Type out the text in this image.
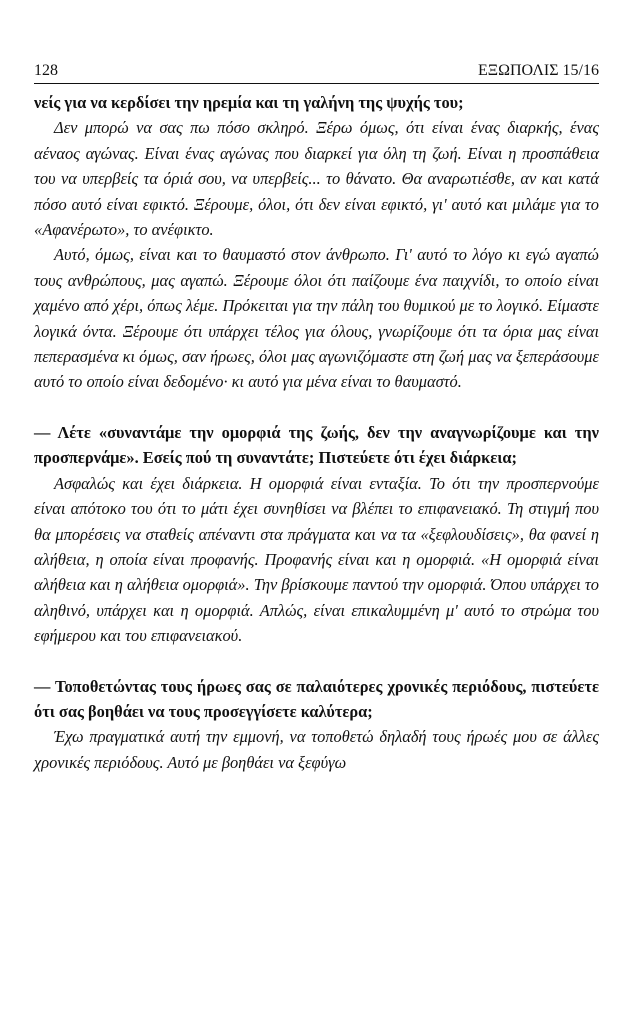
128	ΕΞΩΠΟΛΙΣ 15/16

νείς για να κερδίσει την ηρεμία και τη γαλήνη της ψυχής του;

Δεν μπορώ να σας πω πόσο σκληρό. Ξέρω όμως, ότι είναι ένας διαρκής, ένας αέναος αγώνας. Είναι ένας αγώνας που διαρκεί για όλη τη ζωή. Είναι η προσπάθεια του να υπερβείς τα όριά σου, να υπερβείς... το θάνατο. Θα αναρωτιέσθε, αν και κατά πόσο αυτό είναι εφικτό. Ξέρουμε, όλοι, ότι δεν είναι εφικτό, γι' αυτό και μιλάμε για το «Αφανέρωτο», το ανέφικτο.

Αυτό, όμως, είναι και το θαυμαστό στον άνθρωπο. Γι' αυτό το λόγο κι εγώ αγαπώ τους ανθρώπους, μας αγαπώ. Ξέρουμε όλοι ότι παίζουμε ένα παιχνίδι, το οποίο είναι χαμένο από χέρι, όπως λέμε. Πρόκειται για την πάλη του θυμικού με το λογικό. Είμαστε λογικά όντα. Ξέρουμε ότι υπάρχει τέλος για όλους, γνωρίζουμε ότι τα όρια μας είναι πεπερασμένα κι όμως, σαν ήρωες, όλοι μας αγωνιζόμαστε στη ζωή μας να ξεπεράσουμε αυτό το οποίο είναι δεδομένο· κι αυτό για μένα είναι το θαυμαστό.

— Λέτε «συναντάμε την ομορφιά της ζωής, δεν την αναγνωρίζουμε και την προσπερνάμε». Εσείς πού τη συναντάτε; Πιστεύετε ότι έχει διάρκεια;

Ασφαλώς και έχει διάρκεια. Η ομορφιά είναι ενταξία. Το ότι την προσπερνούμε είναι απότοκο του ότι το μάτι έχει συνηθίσει να βλέπει το επιφανειακό. Τη στιγμή που θα μπορέσεις να σταθείς απέναντι στα πράγματα και να τα «ξεφλουδίσεις», θα φανεί η αλήθεια, η οποία είναι προφανής. Προφανής είναι και η ομορφιά. «Η ομορφιά είναι αλήθεια και η αλήθεια ομορφιά». Την βρίσκουμε παντού την ομορφιά. Όπου υπάρχει το αληθινό, υπάρχει και η ομορφιά. Απλώς, είναι επικαλυμμένη μ' αυτό το στρώμα του εφήμερου και του επιφανειακού.

— Τοποθετώντας τους ήρωες σας σε παλαιότερες χρονικές περιόδους, πιστεύετε ότι σας βοηθάει να τους προσεγγίσετε καλύτερα;

Έχω πραγματικά αυτή την εμμονή, να τοποθετώ δηλαδή τους ήρωές μου σε άλλες χρονικές περιόδους. Αυτό με βοηθάει να ξεφύγω
